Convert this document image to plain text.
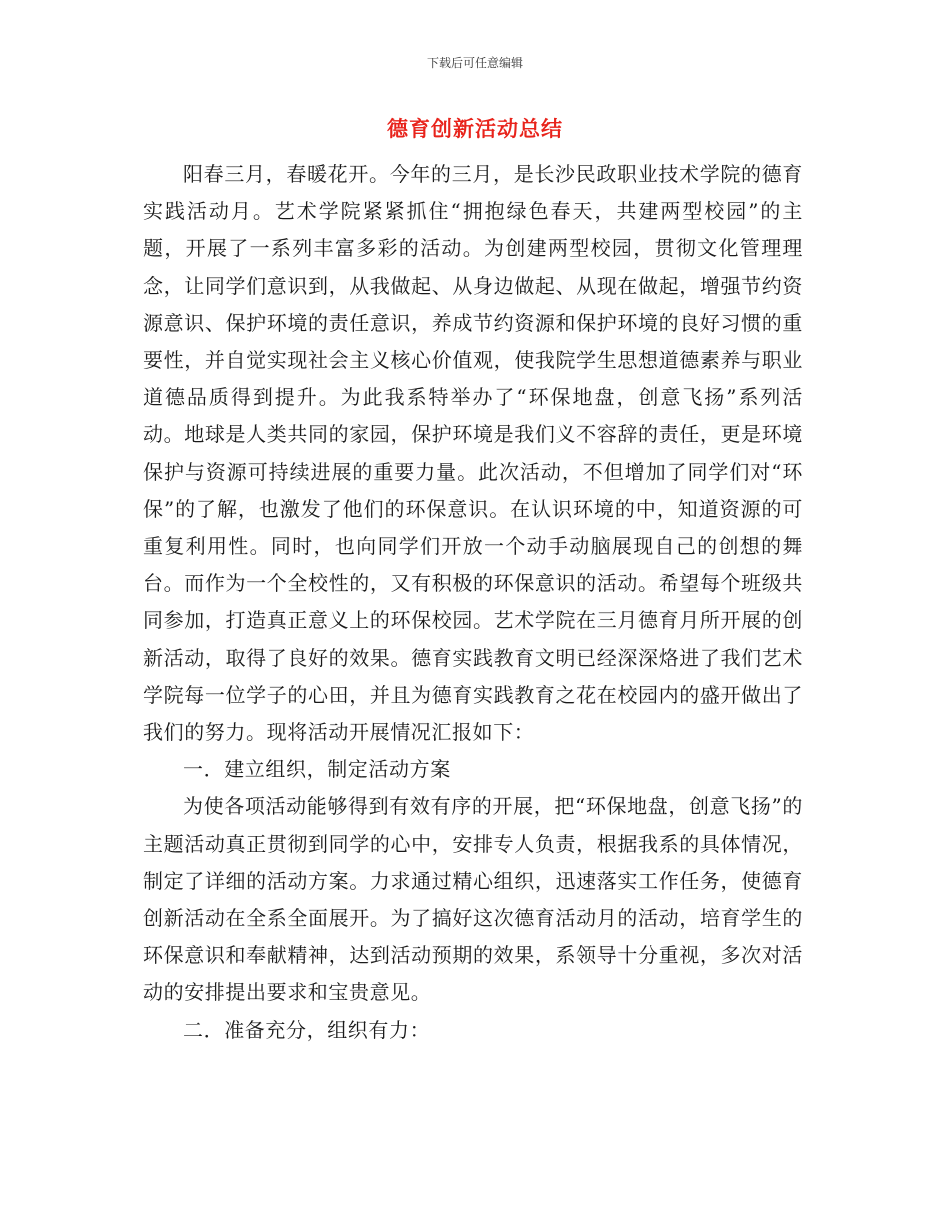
下载后可任意编辑
德育创新活动总结

阳春三月，春暖花开。今年的三月，是长沙民政职业技术学院的德育实践活动月。艺术学院紧紧抓住“拥抱绿色春天，共建两型校园”的主题，开展了一系列丰富多彩的活动。为创建两型校园，贯彻文化管理理念，让同学们意识到，从我做起、从身边做起、从现在做起，增强节约资源意识、保护环境的责任意识，养成节约资源和保护环境的良好习惯的重要性，并自觉实现社会主义核心价值观，使我院学生思想道德素养与职业道德品质得到提升。为此我系特举办了“环保地盘，创意飞扬”系列活动。地球是人类共同的家园，保护环境是我们义不容辞的责任，更是环境保护与资源可持续进展的重要力量。此次活动，不但增加了同学们对“环保”的了解，也激发了他们的环保意识。在认识环境的中，知道资源的可重复利用性。同时，也向同学们开放一个动手动脑展现自己的创想的舞台。而作为一个全校性的，又有积极的环保意识的活动。希望每个班级共同参加，打造真正意义上的环保校园。艺术学院在三月德育月所开展的创新活动，取得了良好的效果。德育实践教育文明已经深深烙进了我们艺术学院每一位学子的心田，并且为德育实践教育之花在校园内的盛开做出了我们的努力。现将活动开展情况汇报如下：

一．建立组织，制定活动方案

为使各项活动能够得到有效有序的开展，把“环保地盘，创意飞扬”的主题活动真正贯彻到同学的心中，安排专人负责，根据我系的具体情况，制定了详细的活动方案。力求通过精心组织，迅速落实工作任务，使德育创新活动在全系全面展开。为了搞好这次德育活动月的活动，培育学生的环保意识和奉献精神，达到活动预期的效果，系领导十分重视，多次对活动的安排提出要求和宝贵意见。

二．准备充分，组织有力：
